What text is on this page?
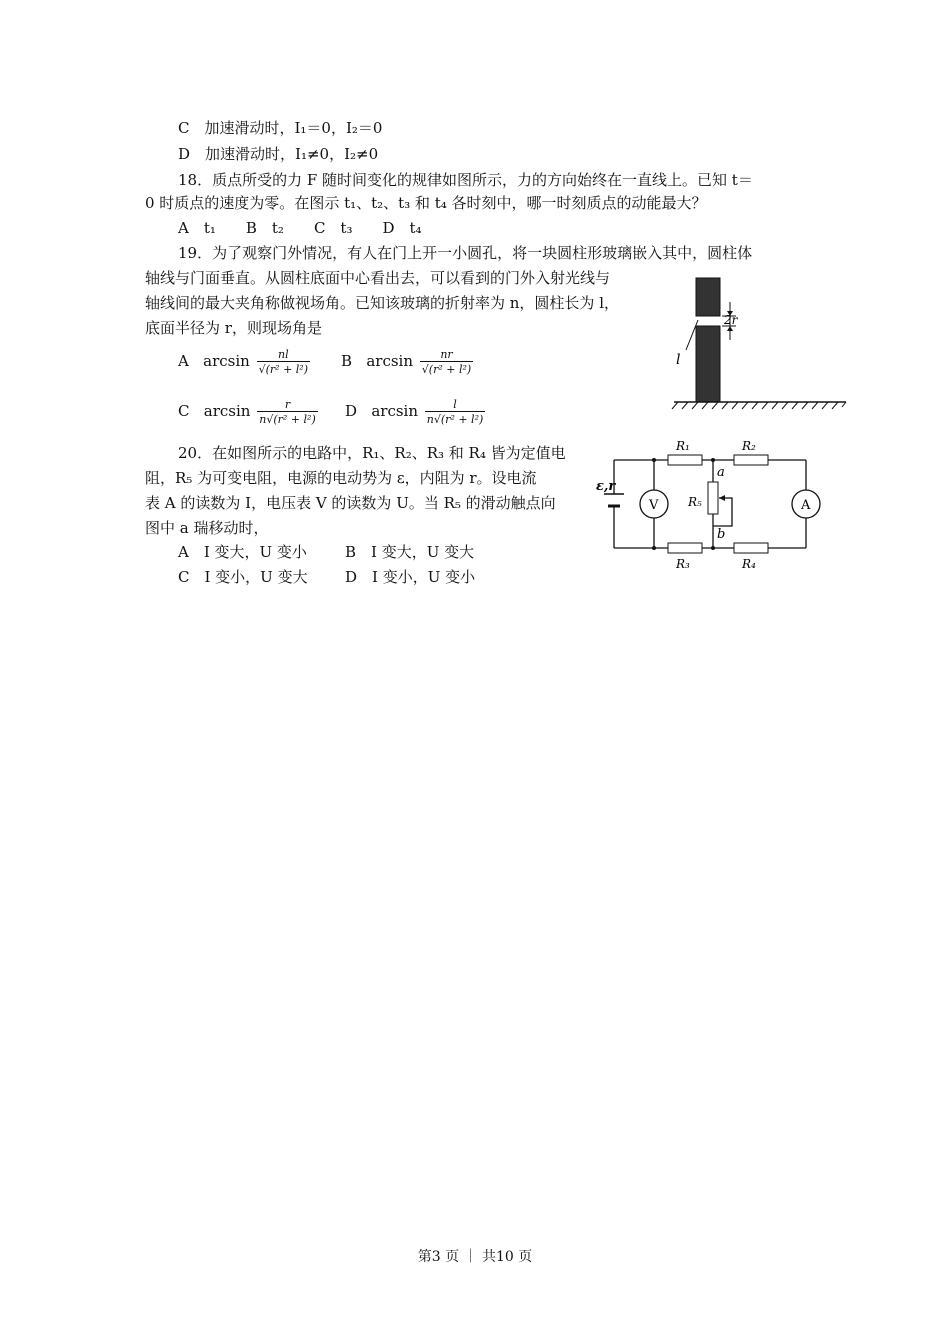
C　加速滑动时，I₁＝0，I₂＝0
D　加速滑动时，I₁≠0，I₂≠0
18．质点所受的力 F 随时间变化的规律如图所示，力的方向始终在一直线上。已知 t＝
0 时质点的速度为零。在图示 t₁、t₂、t₃ 和 t₄ 各时刻中，哪一时刻质点的动能最大？
A　t₁　　B　t₂　　C　t₃　　D　t₄
19．为了观察门外情况，有人在门上开一小圆孔，将一块圆柱形玻璃嵌入其中，圆柱体
轴线与门面垂直。从圆柱底面中心看出去，可以看到的门外入射光线与
轴线间的最大夹角称做视场角。已知该玻璃的折射率为 n，圆柱长为 l，
底面半径为 r，则现场角是
A $\arcsin \frac{nl}{\text{√(r² + l²)}}$ B $\arcsin \frac{nr}{\text{√(r² + l²)}}$
C $\arcsin \frac{r}{\text{n√(r² + l²)}}$ D $\arcsin \frac{l}{\text{n√(r² + l²)}}$
2r
l
20．在如图所示的电路中，R₁、R₂、R₃ 和 R₄ 皆为定值电
阻，R₅ 为可变电阻，电源的电动势为 ε，内阻为 r。设电流
表 A 的读数为 I，电压表 V 的读数为 U。当 R₅ 的滑动触点向
图中 a 瑞移动时，
A　I 变大，U 变小	B　I 变大，U 变大
C　I 变小，U 变大 D　I 变小，U 变小
ε,r
R₁	R₂
R₃	R₄
R₅
a
b
V	A
第3 页 ｜ 共10 页
